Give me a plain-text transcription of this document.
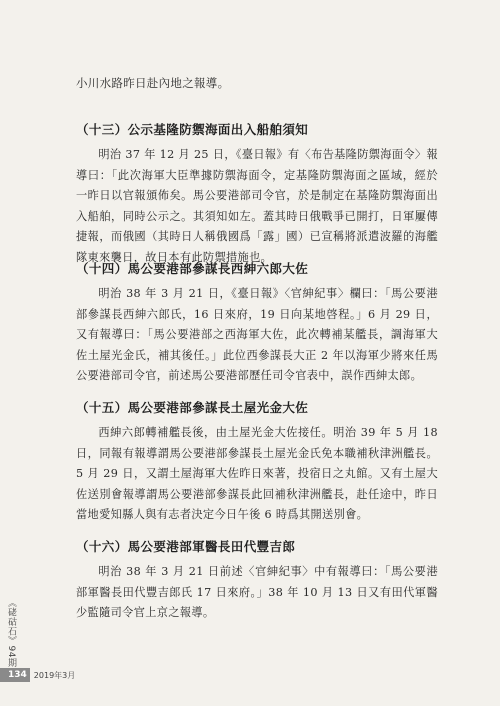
小川水路昨日赴內地之報導。
（十三）公示基隆防禦海面出入船舶須知

明治 37 年 12 月 25 日，《臺日報》有〈布告基隆防禦海面令〉報導曰：「此次海軍大臣準據防禦海面令，定基隆防禦海面之區域，經於一昨日以官報頒佈矣。馬公要港部司令官，於是制定在基隆防禦海面出入船舶，同時公示之。其須知如左。蓋其時日俄戰爭已開打，日軍屢傳捷報，而俄國（其時日人稱俄國爲「露」國）已宣稱將派遣波羅的海艦隊東來襲日，故日本有此防禦措施也。

（十四）馬公要港部參謀長西紳六郎大佐

明治 38 年 3 月 21 日，《臺日報》〈官紳紀事〉欄曰：「馬公要港部參謀長西紳六郎氏，16 日來府，19 日向某地啓程。」6 月 29 日，又有報導曰：「馬公要港部之西海軍大佐，此次轉補某艦長，調海軍大佐土屋光金氏，補其後任。」此位西參謀長大正 2 年以海軍少將來任馬公要港部司令官，前述馬公要港部歷任司令官表中，誤作西紳太郎。

（十五）馬公要港部參謀長土屋光金大佐

西紳六郎轉補艦長後，由土屋光金大佐接任。明治 39 年 5 月 18 日，同報有報導謂馬公要港部參謀長土屋光金氏免本職補秋津洲艦長。5 月 29 日，又謂土屋海軍大佐昨日來著，投宿日之丸館。又有土屋大佐送別會報導謂馬公要港部參謀長此回補秋津洲艦長，赴任途中，昨日當地愛知縣人與有志者決定今日午後 6 時爲其開送別會。

（十六）馬公要港部軍醫長田代豐吉郎

明治 38 年 3 月 21 日前述〈官紳紀事〉中有報導曰：「馬公要港部軍醫長田代豐吉郎氏 17 日來府。」38 年 10 月 13 日又有田代軍醫少監隨司令官上京之報導。

《硓𥑮石》94期
134 2019年3月
